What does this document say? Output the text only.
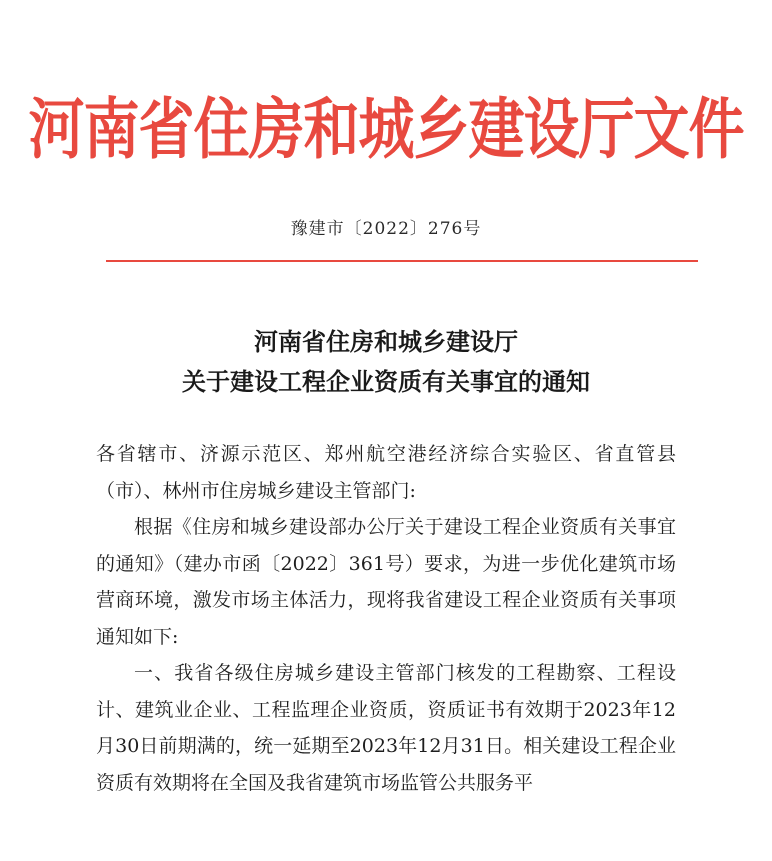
河南省住房和城乡建设厅文件
豫建市〔2022〕276号
河南省住房和城乡建设厅
关于建设工程企业资质有关事宜的通知

各省辖市、济源示范区、郑州航空港经济综合实验区、省直管县（市）、林州市住房城乡建设主管部门:

根据《住房和城乡建设部办公厅关于建设工程企业资质有关事宜的通知》（建办市函〔2022〕361号）要求，为进一步优化建筑市场营商环境，激发市场主体活力，现将我省建设工程企业资质有关事项通知如下:

一、我省各级住房城乡建设主管部门核发的工程勘察、工程设计、建筑业企业、工程监理企业资质，资质证书有效期于2023年12月30日前期满的，统一延期至2023年12月31日。相关建设工程企业资质有效期将在全国及我省建筑市场监管公共服务平
